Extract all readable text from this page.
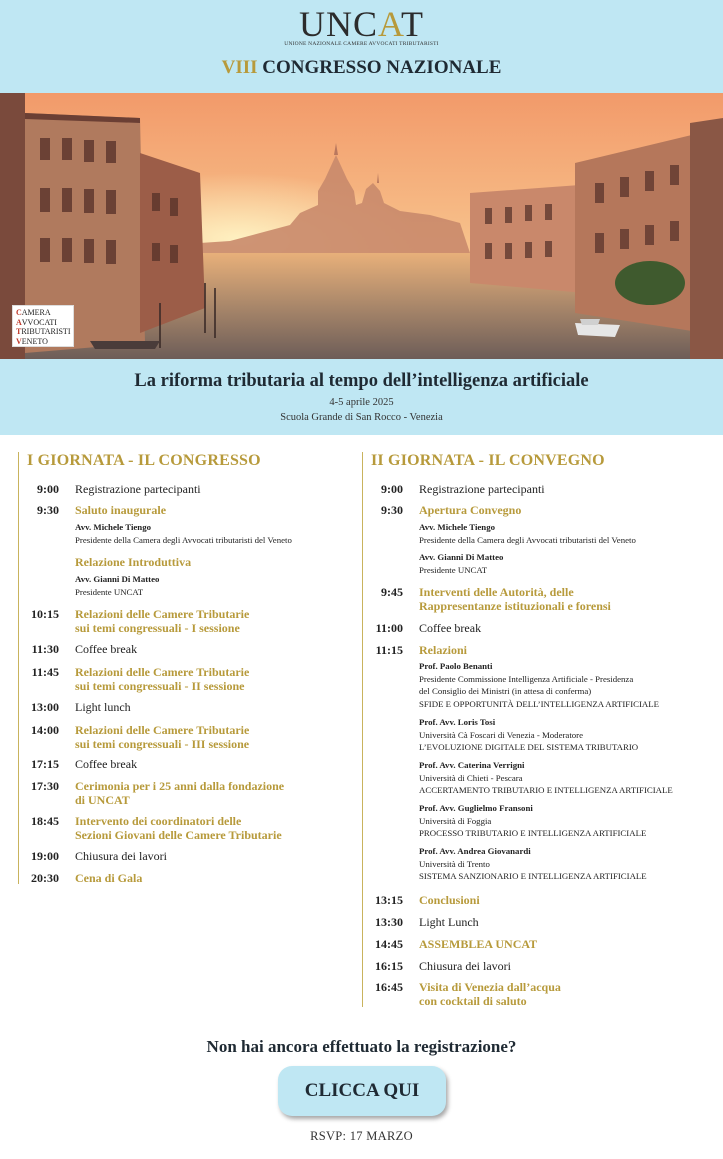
UNCAT
UNIONE NAZIONALE CAMERE AVVOCATI TRIBUTARISTI
VIII CONGRESSO NAZIONALE
CAMERA
AVVOCATI
TRIBUTARISTI
VENETO
La riforma tributaria al tempo dell’intelligenza artificiale
4-5 aprile 2025
Scuola Grande di San Rocco - Venezia
I GIORNATA - IL CONGRESSO
9:00 Registrazione partecipanti
9:30 Saluto inaugurale
Avv. Michele Tiengo
Presidente della Camera degli Avvocati tributaristi del Veneto
Relazione Introduttiva
Avv. Gianni Di Matteo
Presidente UNCAT
10:15 Relazioni delle Camere Tributarie
sui temi congressuali - I sessione
11:30 Coffee break
11:45 Relazioni delle Camere Tributarie
sui temi congressuali - II sessione
13:00 Light lunch
14:00 Relazioni delle Camere Tributarie
sui temi congressuali - III sessione
17:15 Coffee break
17:30 Cerimonia per i 25 anni dalla fondazione
di UNCAT
18:45 Intervento dei coordinatori delle
Sezioni Giovani delle Camere Tributarie
19:00 Chiusura dei lavori
20:30 Cena di Gala
II GIORNATA - IL CONVEGNO
9:00 Registrazione partecipanti
9:30 Apertura Convegno
Avv. Michele Tiengo
Presidente della Camera degli Avvocati tributaristi del Veneto
Avv. Gianni Di Matteo
Presidente UNCAT
9:45 Interventi delle Autorità, delle
Rappresentanze istituzionali e forensi
11:00 Coffee break
11:15 Relazioni
Prof. Paolo Benanti
Presidente Commissione Intelligenza Artificiale - Presidenza
del Consiglio dei Ministri (in attesa di conferma)
SFIDE E OPPORTUNITÀ DELL’INTELLIGENZA ARTIFICIALE
Prof. Avv. Loris Tosi
Università Cà Foscari di Venezia - Moderatore
L’EVOLUZIONE DIGITALE DEL SISTEMA TRIBUTARIO
Prof. Avv. Caterina Verrigni
Università di Chieti - Pescara
ACCERTAMENTO TRIBUTARIO E INTELLIGENZA ARTIFICIALE
Prof. Avv. Guglielmo Fransoni
Università di Foggia
PROCESSO TRIBUTARIO E INTELLIGENZA ARTIFICIALE
Prof. Avv. Andrea Giovanardi
Università di Trento
SISTEMA SANZIONARIO E INTELLIGENZA ARTIFICIALE
13:15 Conclusioni
13:30 Light Lunch
14:45 ASSEMBLEA UNCAT
16:15 Chiusura dei lavori
16:45 Visita di Venezia dall’acqua
con cocktail di saluto
Non hai ancora effettuato la registrazione?
CLICCA QUI
RSVP: 17 MARZO
